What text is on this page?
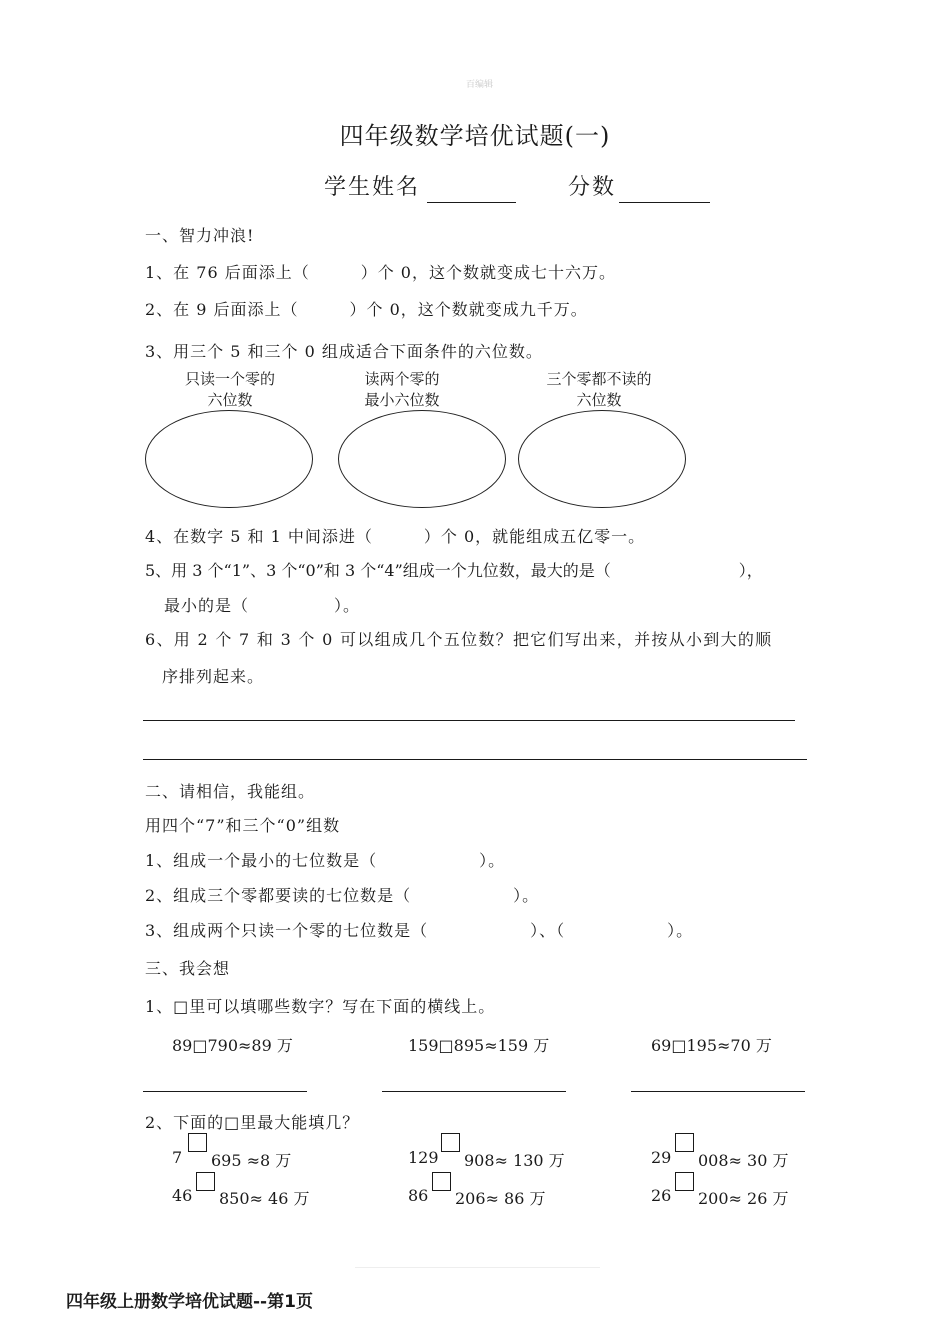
百编辑
四年级数学培优试题(一)
学生姓名	分数
一、智力冲浪!
1、在 76 后面添上（　　　）个 0，这个数就变成七十六万。
2、在 9 后面添上（　　　）个 0，这个数就变成九千万。
3、用三个 5 和三个 0 组成适合下面条件的六位数。
只读一个零的
六位数
读两个零的
最小六位数
三个零都不读的
六位数
4、在数字 5 和 1 中间添进（　　　）个 0，就能组成五亿零一。
5、用 3 个“1”、3 个“0”和 3 个“4”组成一个九位数，最大的是（　　　　　　　　），
最小的是（　　　　　）。
6、用 2 个 7 和 3 个 0 可以组成几个五位数？把它们写出来，并按从小到大的顺
序排列起来。
二、请相信，我能组。
用四个“7”和三个“0”组数
1、组成一个最小的七位数是（　　　　　　）。
2、组成三个零都要读的七位数是（　　　　　　）。
3、组成两个只读一个零的七位数是（　　　　　　）、（　　　　　　）。
三、我会想
1、□里可以填哪些数字？写在下面的横线上。
89□790≈89 万	159□895≈159 万	69□195≈70 万
2、下面的□里最大能填几？
7 695 ≈8 万	129 908≈ 130 万	29 008≈ 30 万
46 850≈ 46 万	86 206≈ 86 万	26 200≈ 26 万
四年级上册数学培优试题--第1页
